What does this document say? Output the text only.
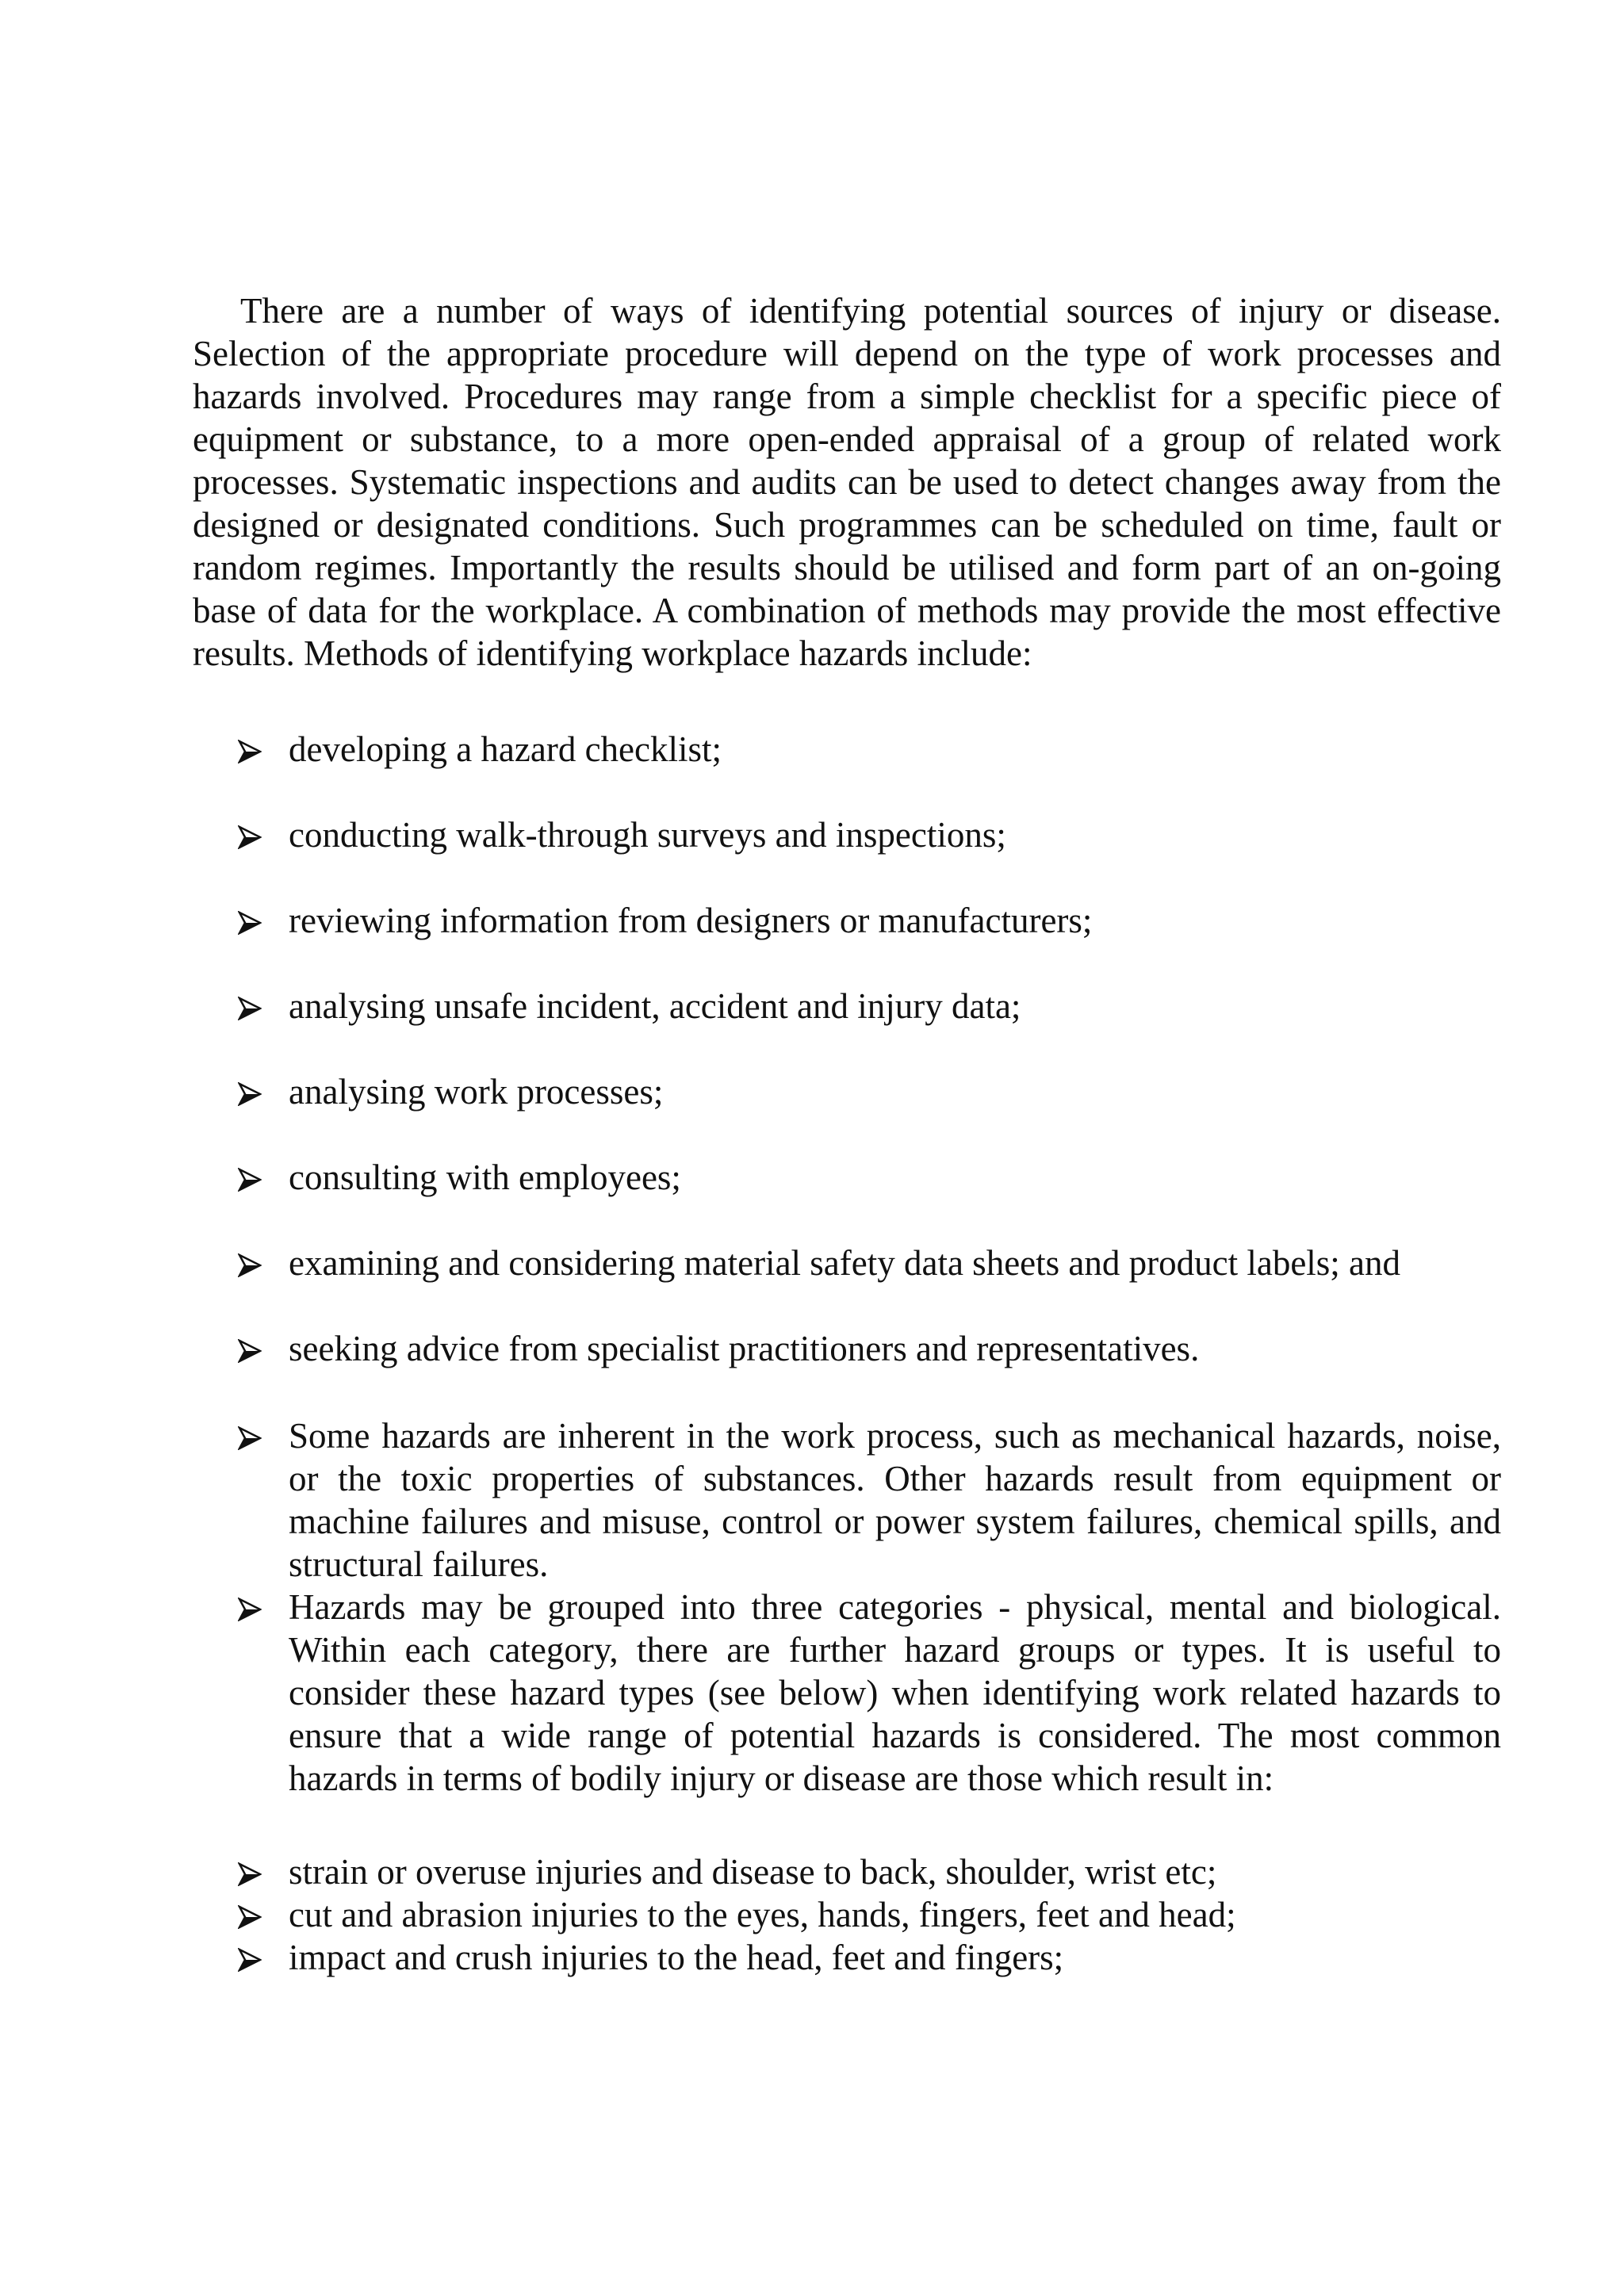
There are a number of ways of identifying potential sources of injury or disease. Selection of the appropriate procedure will depend on the type of work processes and hazards involved. Procedures may range from a simple checklist for a specific piece of equipment or substance, to a more open-ended appraisal of a group of related work processes. Systematic inspections and audits can be used to detect changes away from the designed or designated conditions. Such programmes can be scheduled on time, fault or random regimes. Importantly the results should be utilised and form part of an on-going base of data for the workplace. A combination of methods may provide the most effective results. Methods of identifying workplace hazards include:

developing a hazard checklist;
conducting walk-through surveys and inspections;
reviewing information from designers or manufacturers;
analysing unsafe incident, accident and injury data;
analysing work processes;
consulting with employees;
examining and considering material safety data sheets and product labels; and
seeking advice from specialist practitioners and representatives.
Some hazards are inherent in the work process, such as mechanical hazards, noise, or the toxic properties of substances. Other hazards result from equipment or machine failures and misuse, control or power system failures, chemical spills, and structural failures.
Hazards may be grouped into three categories - physical, mental and biological. Within each category, there are further hazard groups or types. It is useful to consider these hazard types (see below) when identifying work related hazards to ensure that a wide range of potential hazards is considered. The most common hazards in terms of bodily injury or disease are those which result in:
strain or overuse injuries and disease to back, shoulder, wrist etc;
cut and abrasion injuries to the eyes, hands, fingers, feet and head;
impact and crush injuries to the head, feet and fingers;
